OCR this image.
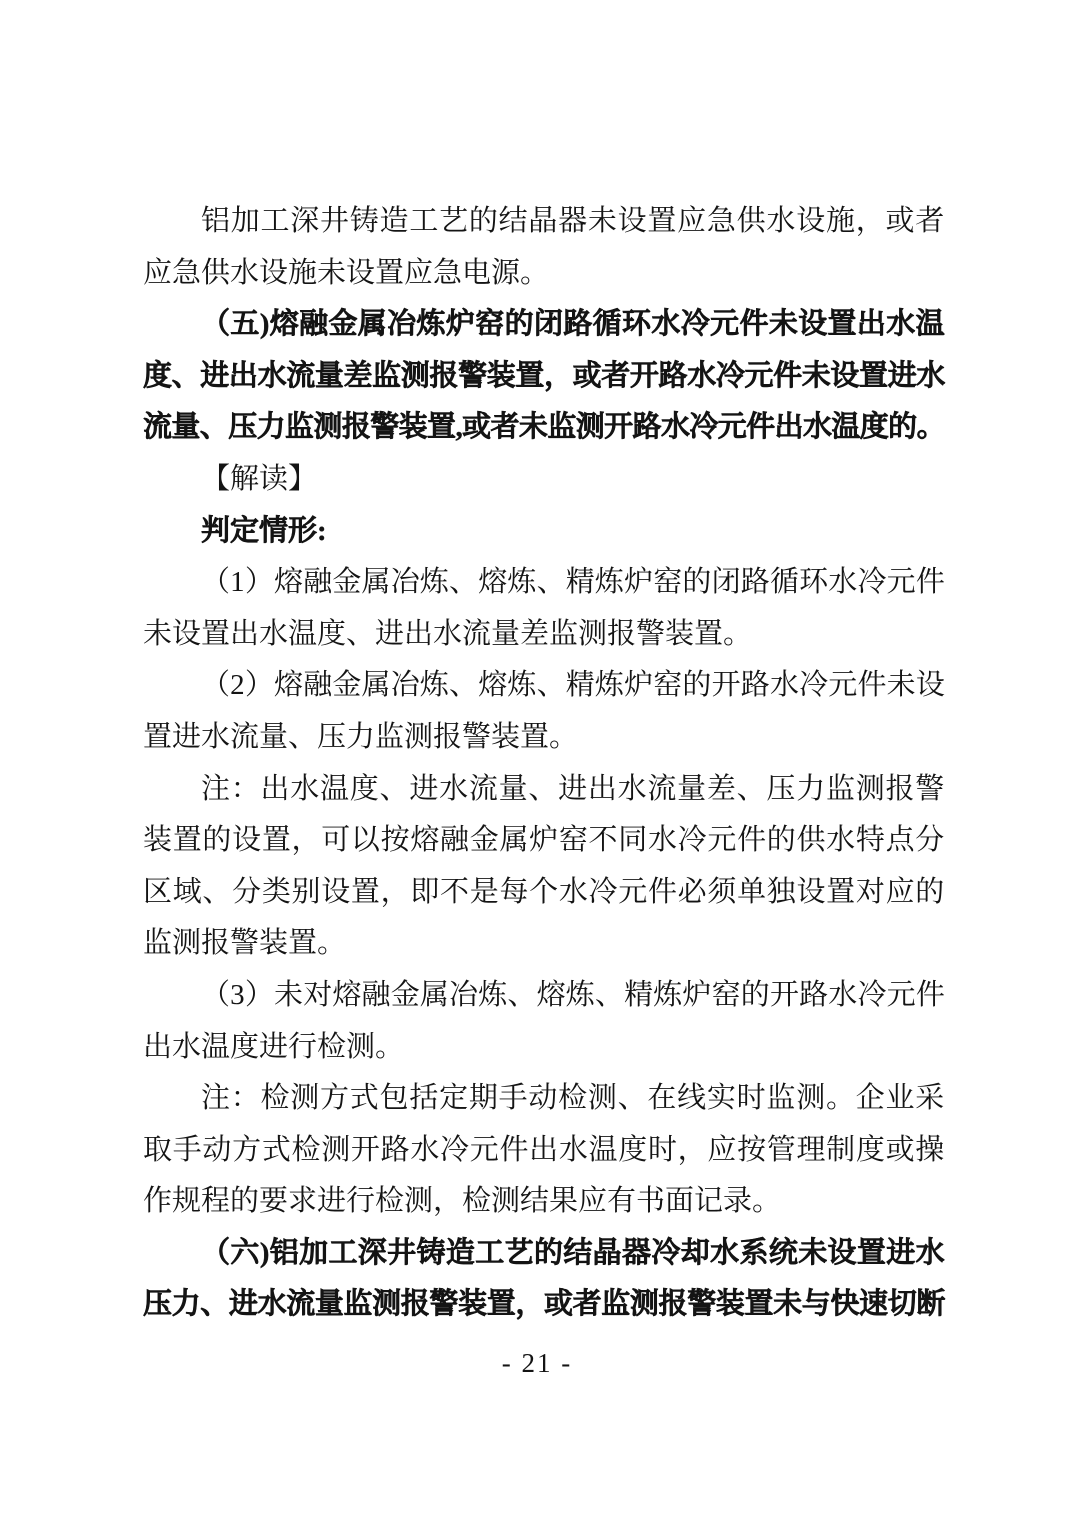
铝加工深井铸造工艺的结晶器未设置应急供水设施，或者
应急供水设施未设置应急电源。
（五)熔融金属冶炼炉窑的闭路循环水冷元件未设置出水温
度、进出水流量差监测报警装置，或者开路水冷元件未设置进水
流量、压力监测报警装置,或者未监测开路水冷元件出水温度的。
【解读】
判定情形:
（1）熔融金属冶炼、熔炼、精炼炉窑的闭路循环水冷元件
未设置出水温度、进出水流量差监测报警装置。
（2）熔融金属冶炼、熔炼、精炼炉窑的开路水冷元件未设
置进水流量、压力监测报警装置。
注：出水温度、进水流量、进出水流量差、压力监测报警
装置的设置，可以按熔融金属炉窑不同水冷元件的供水特点分
区域、分类别设置，即不是每个水冷元件必须单独设置对应的
监测报警装置。
（3）未对熔融金属冶炼、熔炼、精炼炉窑的开路水冷元件
出水温度进行检测。
注：检测方式包括定期手动检测、在线实时监测。企业采
取手动方式检测开路水冷元件出水温度时，应按管理制度或操
作规程的要求进行检测，检测结果应有书面记录。
（六)铝加工深井铸造工艺的结晶器冷却水系统未设置进水
压力、进水流量监测报警装置，或者监测报警装置未与快速切断
- 21 -
